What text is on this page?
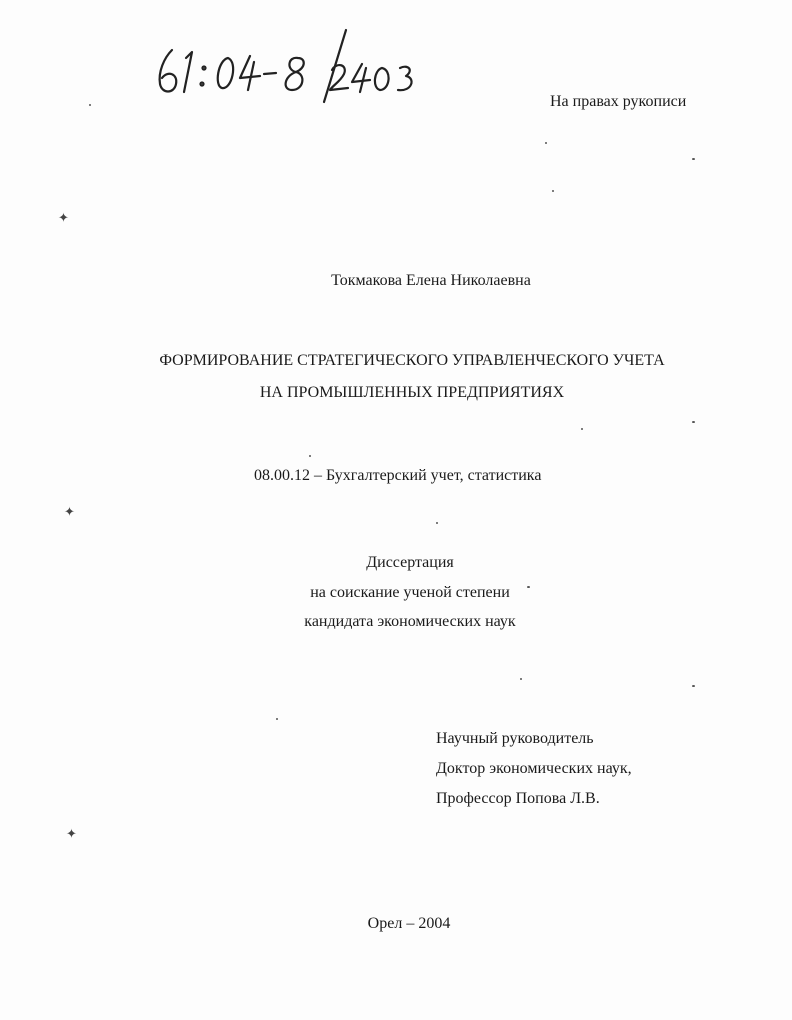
На правах рукописи
Токмакова Елена Николаевна
ФОРМИРОВАНИЕ СТРАТЕГИЧЕСКОГО УПРАВЛЕНЧЕСКОГО УЧЕТА
НА ПРОМЫШЛЕННЫХ ПРЕДПРИЯТИЯХ
08.00.12 – Бухгалтерский учет, статистика
Диссертация
на соискание ученой степени
кандидата экономических наук
Научный руководитель
Доктор экономических наук,
Профессор Попова Л.В.
Орел – 2004
✦
✦
✦
